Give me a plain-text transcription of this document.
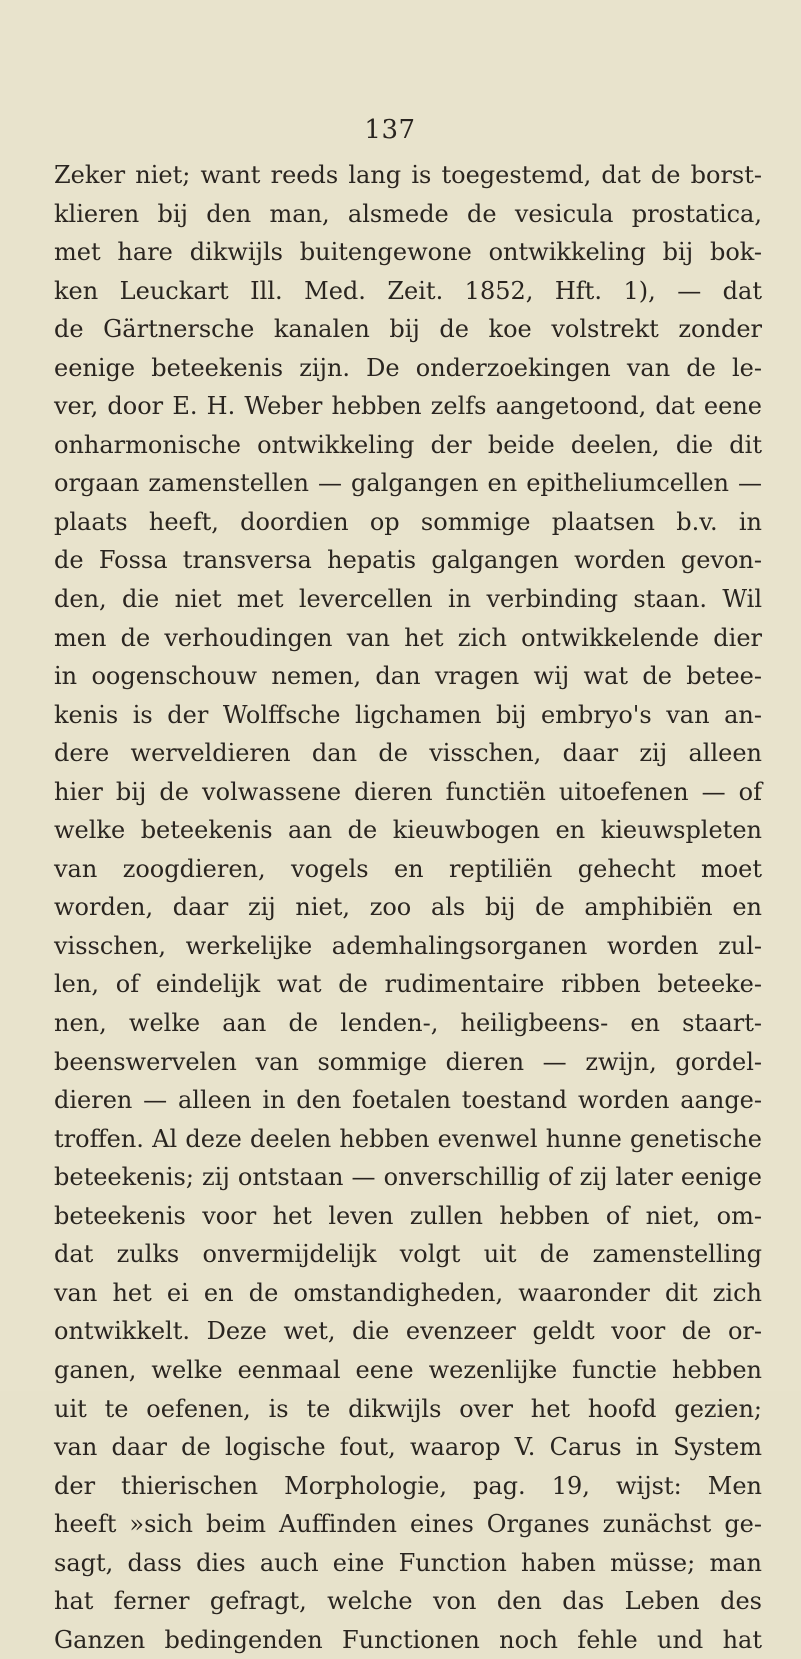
137
Zeker niet; want reeds lang is toegestemd, dat de borst-
klieren bij den man, alsmede de vesicula prostatica,
met hare dikwijls buitengewone ontwikkeling bij bok-
ken Leuckart Ill. Med. Zeit. 1852, Hft. 1), — dat
de Gärtnersche kanalen bij de koe volstrekt zonder
eenige beteekenis zijn. De onderzoekingen van de le-
ver, door E. H. Weber hebben zelfs aangetoond, dat eene
onharmonische ontwikkeling der beide deelen, die dit
orgaan zamenstellen — galgangen en epitheliumcellen —
plaats heeft, doordien op sommige plaatsen b.v. in
de Fossa transversa hepatis galgangen worden gevon-
den, die niet met levercellen in verbinding staan. Wil
men de verhoudingen van het zich ontwikkelende dier
in oogenschouw nemen, dan vragen wij wat de betee-
kenis is der Wolffsche ligchamen bij embryo's van an-
dere werveldieren dan de visschen, daar zij alleen
hier bij de volwassene dieren functiën uitoefenen — of
welke beteekenis aan de kieuwbogen en kieuwspleten
van zoogdieren, vogels en reptiliën gehecht moet
worden, daar zij niet, zoo als bij de amphibiën en
visschen, werkelijke ademhalingsorganen worden zul-
len, of eindelijk wat de rudimentaire ribben beteeke-
nen, welke aan de lenden-, heiligbeens- en staart-
beenswervelen van sommige dieren — zwijn, gordel-
dieren — alleen in den foetalen toestand worden aange-
troffen. Al deze deelen hebben evenwel hunne genetische
beteekenis; zij ontstaan — onverschillig of zij later eenige
beteekenis voor het leven zullen hebben of niet, om-
dat zulks onvermijdelijk volgt uit de zamenstelling
van het ei en de omstandigheden, waaronder dit zich
ontwikkelt. Deze wet, die evenzeer geldt voor de or-
ganen, welke eenmaal eene wezenlijke functie hebben
uit te oefenen, is te dikwijls over het hoofd gezien;
van daar de logische fout, waarop V. Carus in System
der thierischen Morphologie, pag. 19, wijst: Men
heeft »sich beim Auffinden eines Organes zunächst ge-
sagt, dass dies auch eine Function haben müsse; man
hat ferner gefragt, welche von den das Leben des
Ganzen bedingenden Functionen noch fehle und hat
